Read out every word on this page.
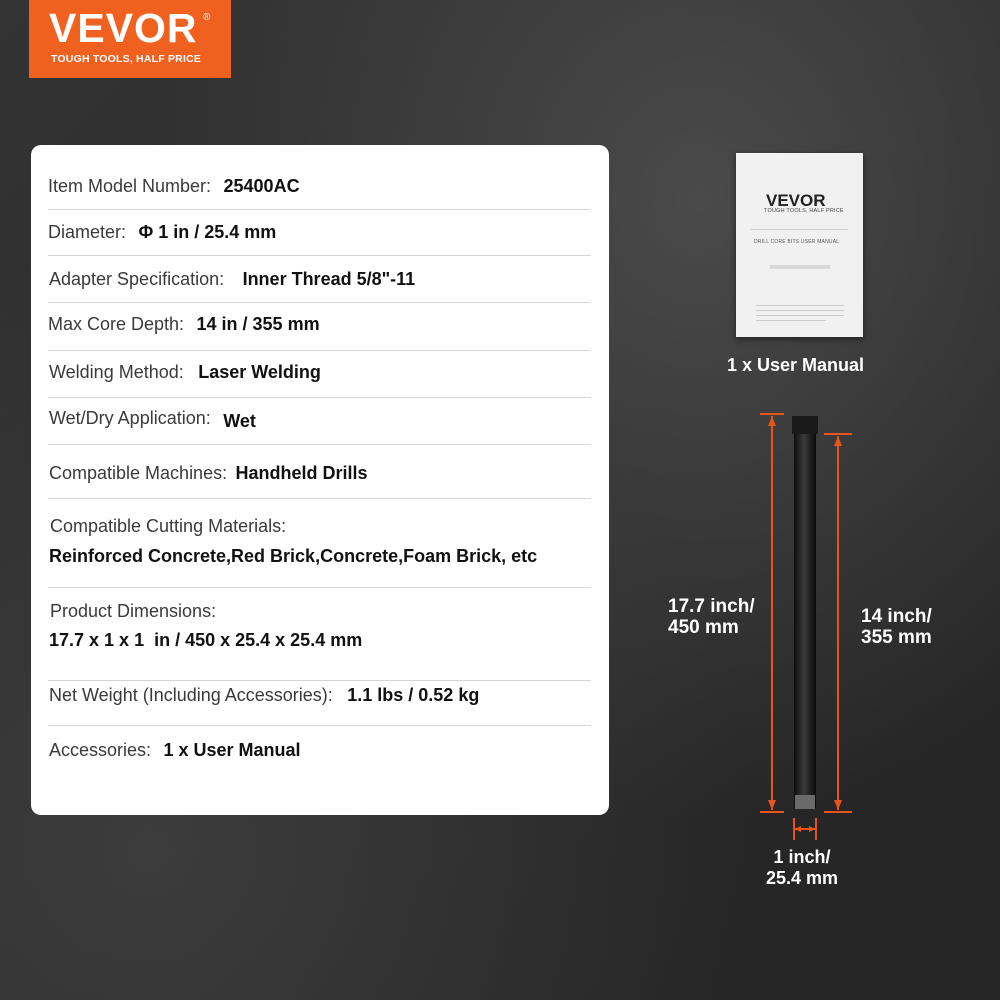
VEVOR ®
TOUGH TOOLS, HALF PRICE
Item Model Number: 25400AC
Diameter: Φ 1 in / 25.4 mm
Adapter Specification: Inner Thread 5/8"-11
Max Core Depth: 14 in / 355 mm
Welding Method: Laser Welding
Wet/Dry Application: Wet
Compatible Machines: Handheld Drills
Compatible Cutting Materials:
Reinforced Concrete,Red Brick,Concrete,Foam Brick, etc
Product Dimensions:
17.7 x 1 x 1  in / 450 x 25.4 x 25.4 mm
Net Weight (Including Accessories): 1.1 lbs / 0.52 kg
Accessories: 1 x User Manual
VEVOR
TOUGH TOOLS, HALF PRICE
DRILL CORE BITS USER MANUAL
1 x User Manual
17.7 inch/
450 mm
14 inch/
355 mm
1 inch/
25.4 mm
